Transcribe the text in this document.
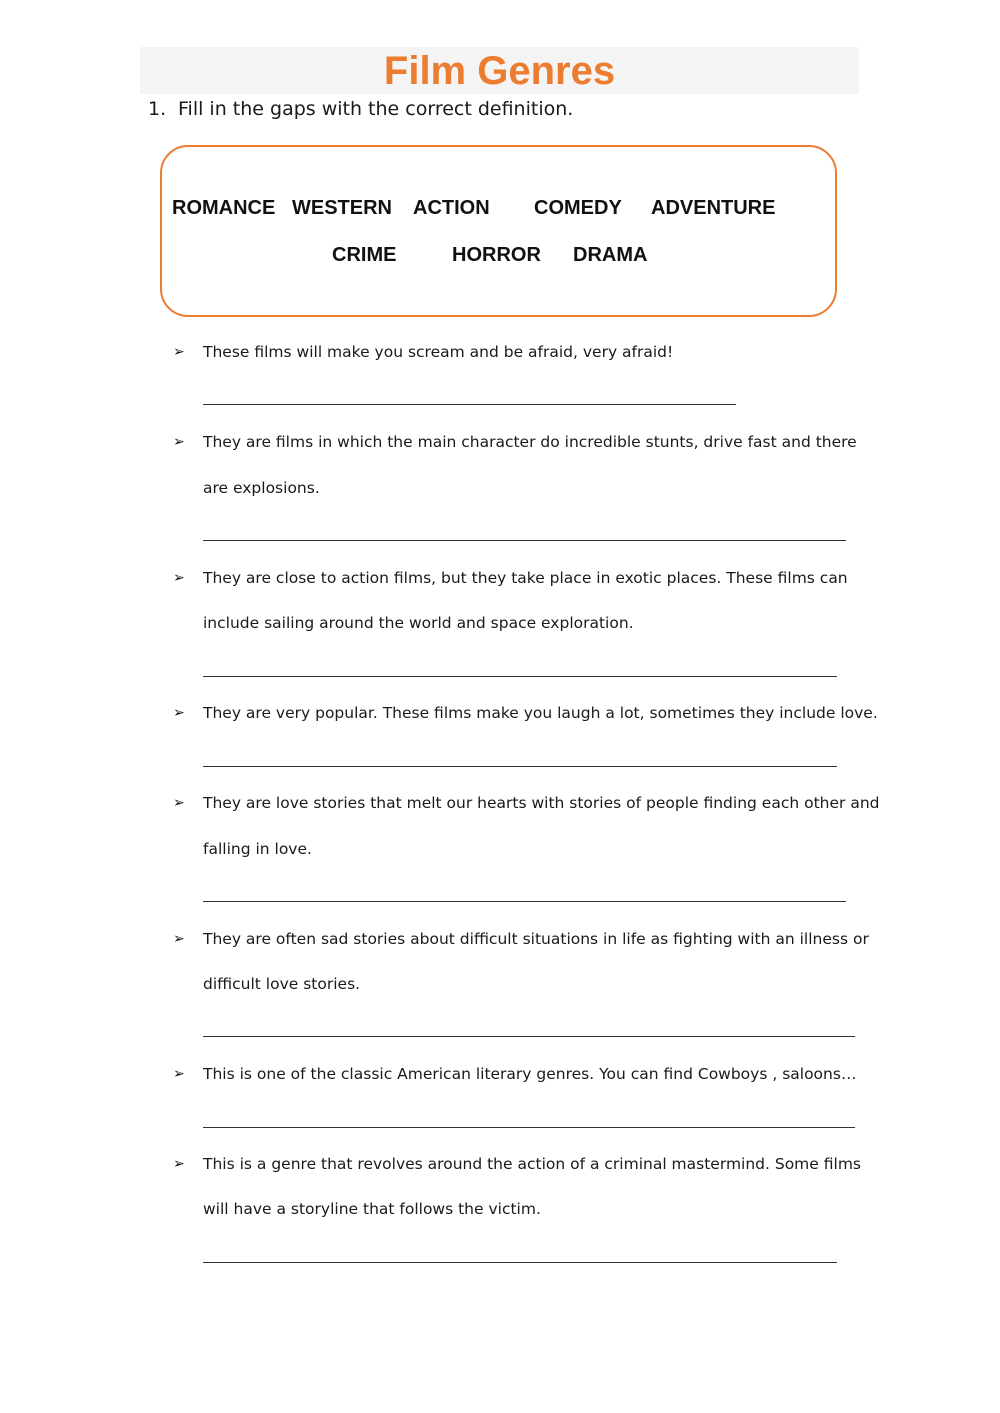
Film Genres
1. Fill in the gaps with the correct definition.
ROMANCE WESTERN ACTION COMEDY ADVENTURE
CRIME	HORROR DRAMA
➢ These films will make you scream and be afraid, very afraid!
➢ They are films in which the main character do incredible stunts, drive fast and there
are explosions.
➢ They are close to action films, but they take place in exotic places. These films can
include sailing around the world and space exploration.
➢ They are very popular. These films make you laugh a lot, sometimes they include love.
➢ They are love stories that melt our hearts with stories of people finding each other and
falling in love.
➢ They are often sad stories about difficult situations in life as fighting with an illness or
difficult love stories.
➢ This is one of the classic American literary genres. You can find Cowboys , saloons…
➢ This is a genre that revolves around the action of a criminal mastermind. Some films
will have a storyline that follows the victim.
